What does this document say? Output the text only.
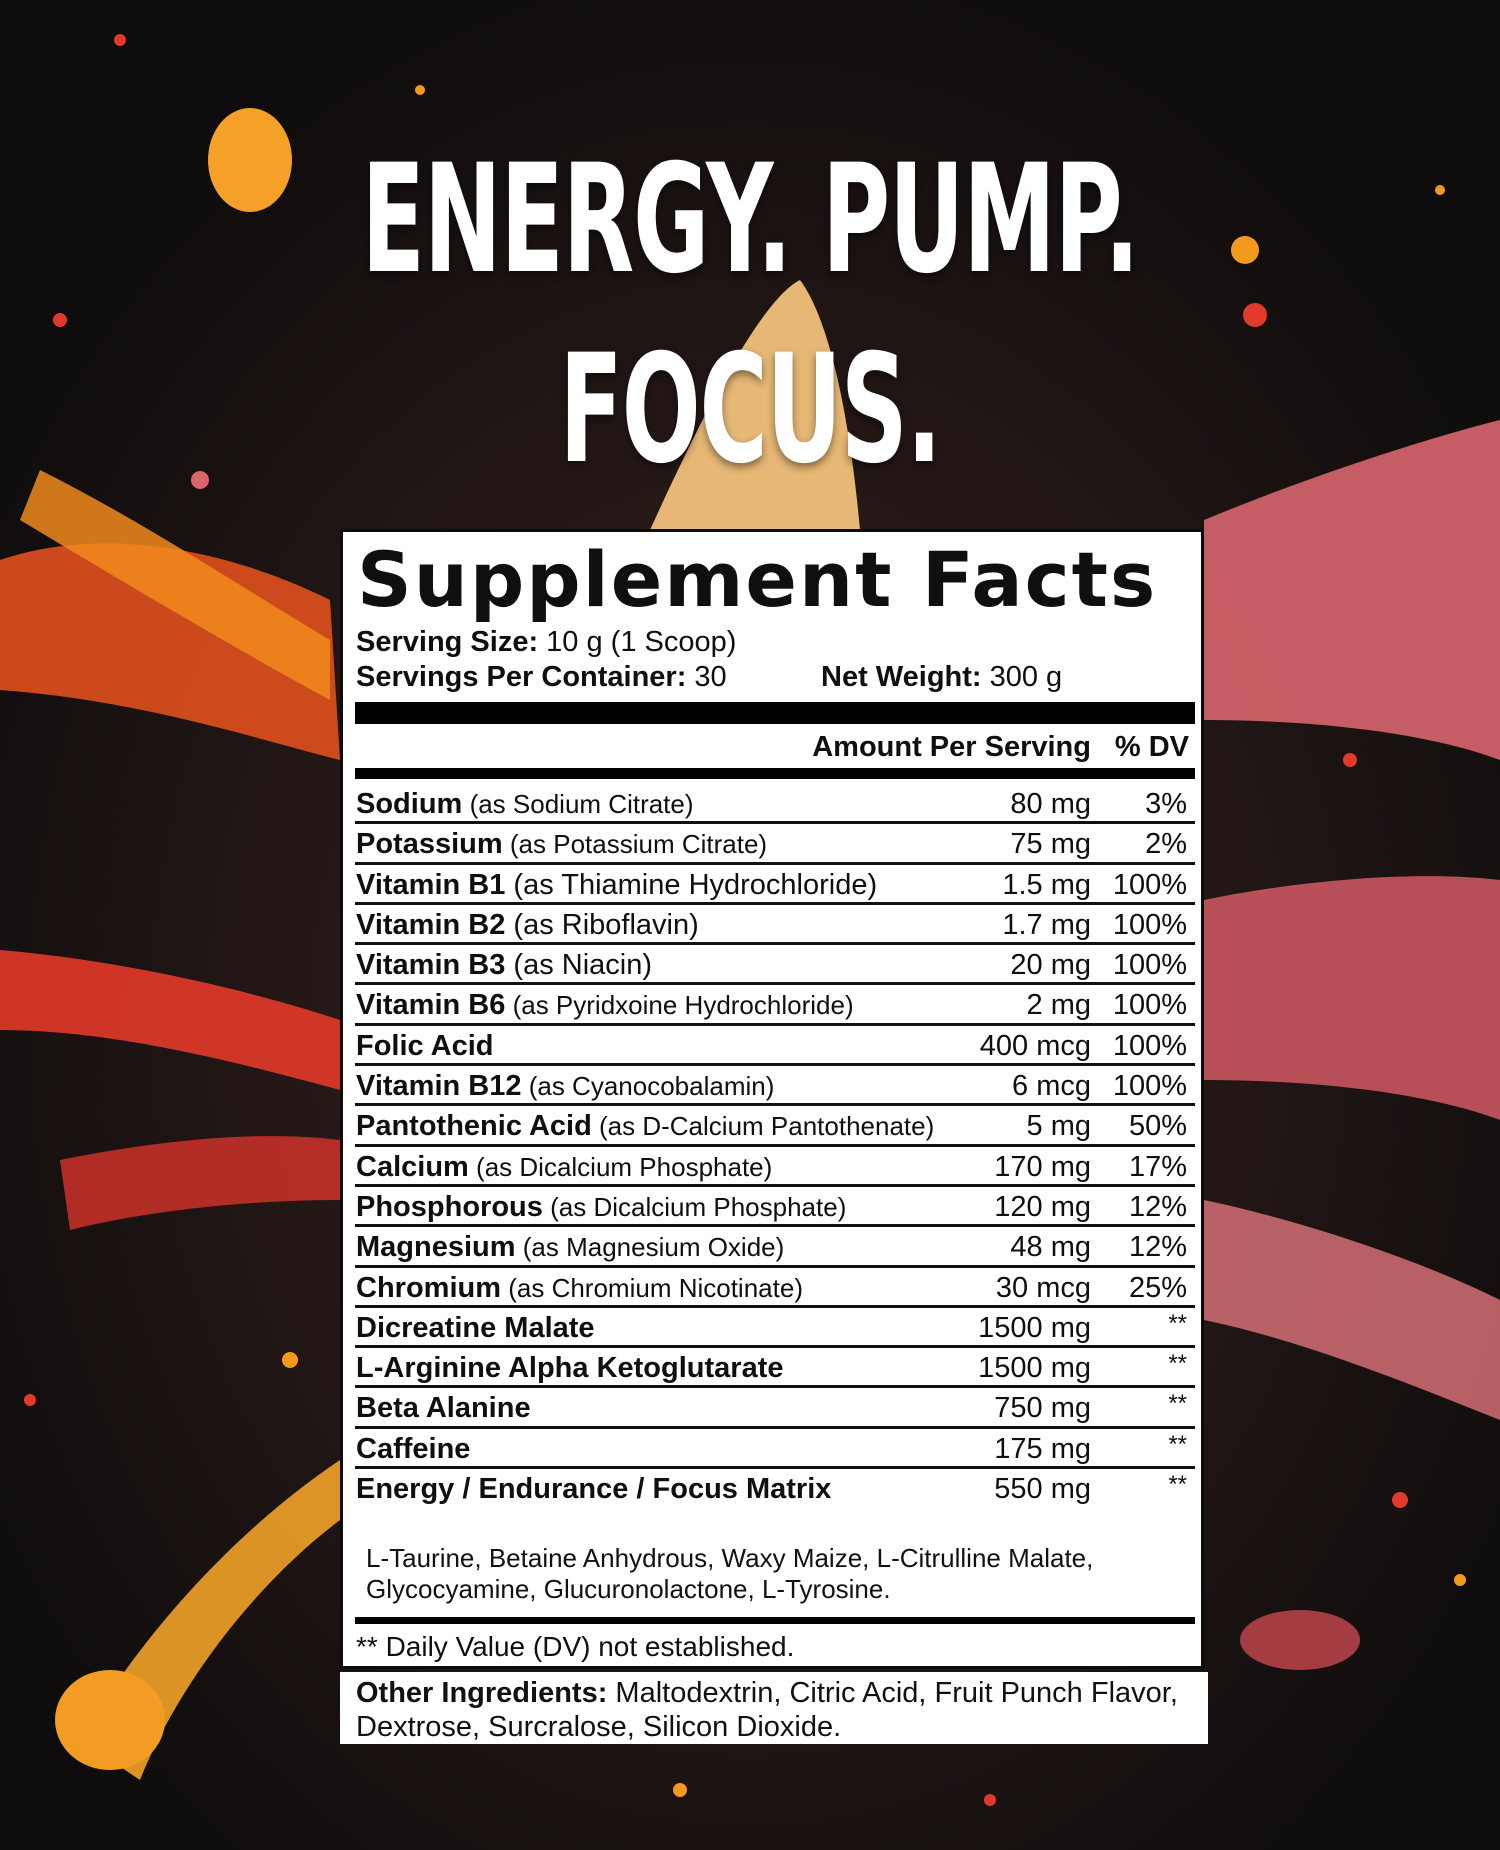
ENERGY. PUMP.
FOCUS.
Supplement Facts
Serving Size: 10 g (1 Scoop)
Servings Per Container: 30	Net Weight: 300 g
Amount Per Serving % DV
Sodium (as Sodium Citrate)	80 mg 3%
Potassium (as Potassium Citrate)	75 mg 2%
Vitamin B1 (as Thiamine Hydrochloride)	1.5 mg 100%
Vitamin B2 (as Riboflavin)	1.7 mg 100%
Vitamin B3 (as Niacin)	20 mg 100%
Vitamin B6 (as Pyridxoine Hydrochloride)	2 mg 100%
Folic Acid	400 mcg 100%
Vitamin B12 (as Cyanocobalamin)	6 mcg 100%
Pantothenic Acid (as D-Calcium Pantothenate)	5 mg 50%
Calcium (as Dicalcium Phosphate)	170 mg 17%
Phosphorous (as Dicalcium Phosphate)	120 mg 12%
Magnesium (as Magnesium Oxide)	48 mg 12%
Chromium (as Chromium Nicotinate)	30 mcg 25%
Dicreatine Malate	1500 mg	**
L-Arginine Alpha Ketoglutarate	1500 mg	**
Beta Alanine	750 mg	**
Caffeine	175 mg	**
Energy / Endurance / Focus Matrix	550 mg	**
L-Taurine, Betaine Anhydrous, Waxy Maize, L-Citrulline Malate,
Glycocyamine, Glucuronolactone, L-Tyrosine.
** Daily Value (DV) not established.
Other Ingredients: Maltodextrin, Citric Acid, Fruit Punch Flavor, Dextrose, Surcralose, Silicon Dioxide.
